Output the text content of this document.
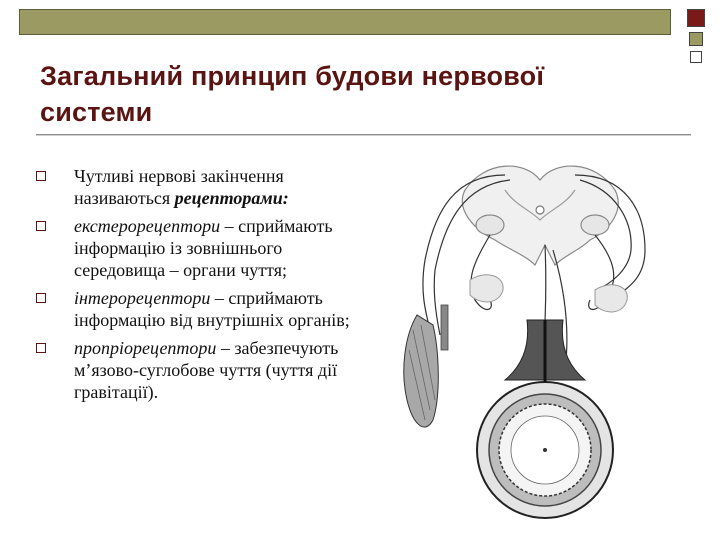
Загальний принцип будови нервової
системи
Чутливі нервові закінчення називаються рецепторами:
екстерорецептори – сприймають інформацію із зовнішнього середовища – органи чуття;
інтерорецептори – сприймають інформацію від внутрішніх органів;
пропріорецептори – забезпечують м’язово-суглобове чуття (чуття дії гравітації).
